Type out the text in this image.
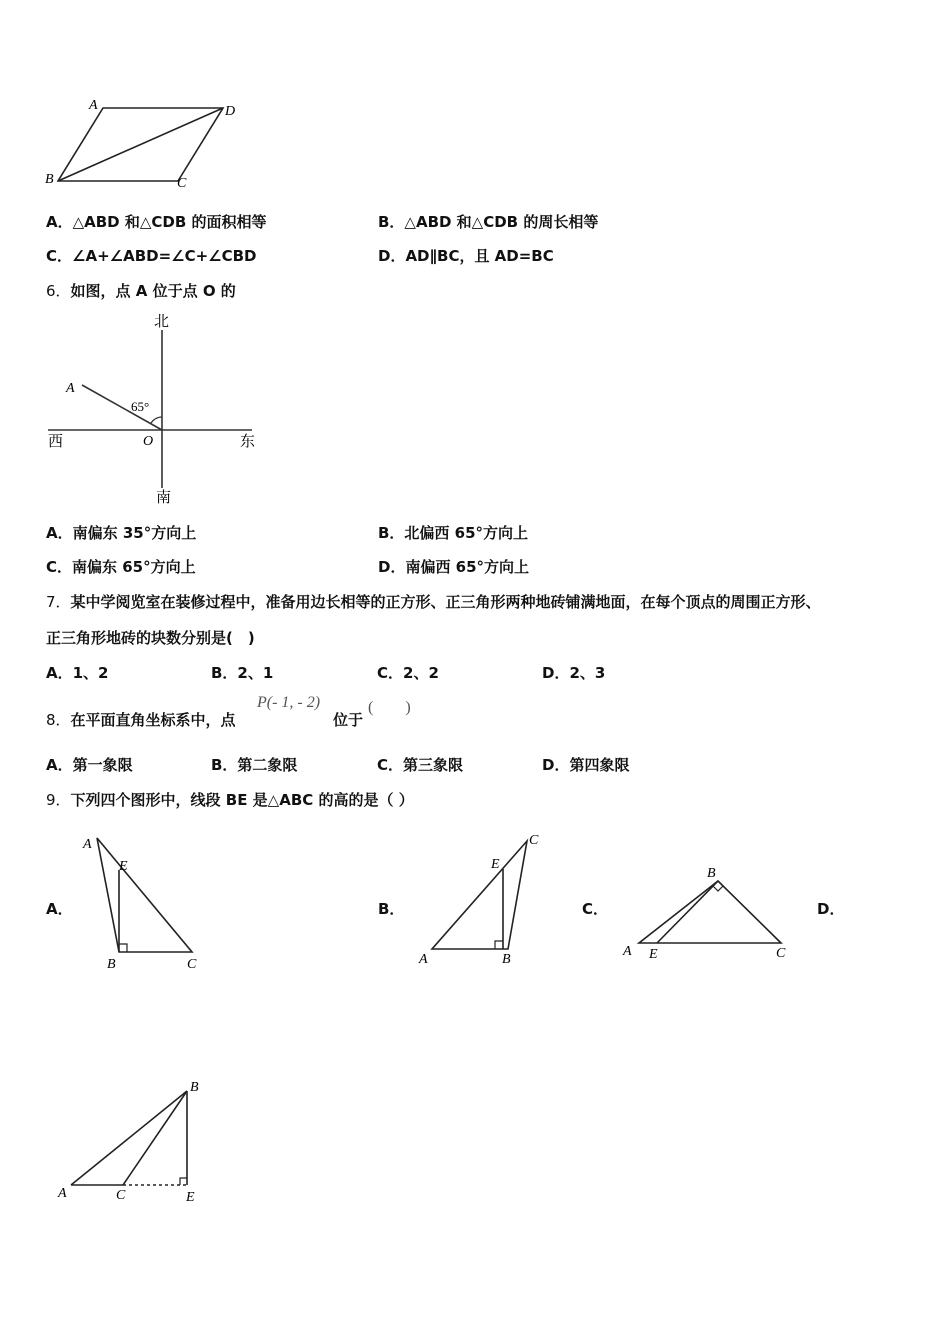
A	D
B	C
A．△ABD 和△CDB 的面积相等	B．△ABD 和△CDB 的周长相等
C．∠A+∠ABD=∠C+∠CBD	D．AD∥BC，且 AD=BC
6．如图，点 A 位于点 O 的
北
南
东
西
A
O
65°
A．南偏东 35°方向上	B．北偏西 65°方向上
C．南偏东 65°方向上	D．南偏西 65°方向上
7．某中学阅览室在装修过程中，准备用边长相等的正方形、正三角形两种地砖铺满地面，在每个顶点的周围正方形、
正三角形地砖的块数分别是(　)
A．1、2	B．2、1	C．2、2	D．2、3
8．在平面直角坐标系中，点
P(- 1, - 2)
位于
(　　)
A．第一象限	B．第二象限	C．第三象限	D．第四象限
9．下列四个图形中，线段 BE 是△ABC 的高的是（ ）
A．	B．	C．	D．
A
E
B	C
C
E
A	B
B
A E	C
B
A	C	E
